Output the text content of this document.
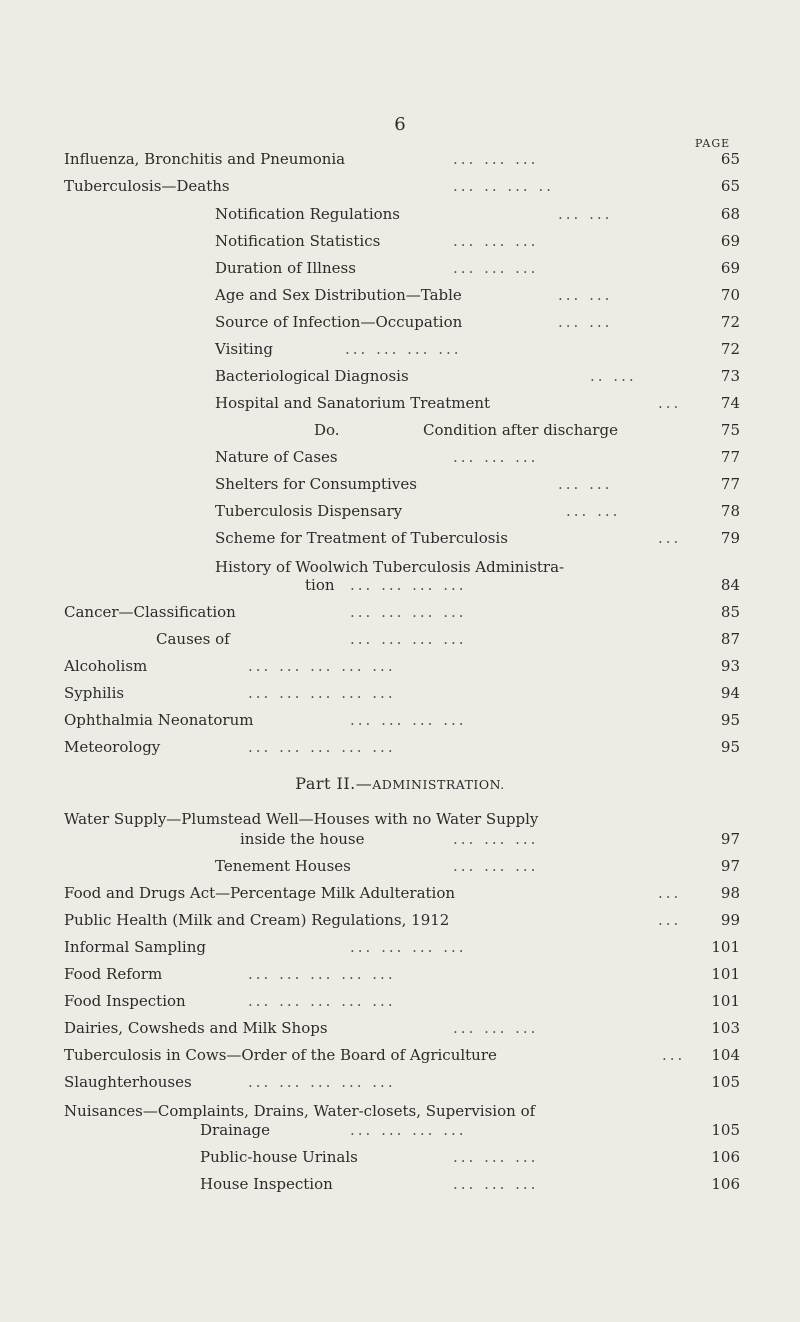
6
PAGE
Influenza, Bronchitis and Pneumonia	... ... ...	65
Tuberculosis—Deaths	... .. ... ..	65
Notification Regulations	... ...	68
Notification Statistics	... ... ...	69
Duration of Illness	... ... ...	69
Age and Sex Distribution—Table	... ...	70
Source of Infection—Occupation	... ...	72
Visiting	... ... ... ...	72
Bacteriological Diagnosis	.. ...	73
Hospital and Sanatorium Treatment	...	74
Do.	Condition after discharge	75
Nature of Cases	... ... ...	77
Shelters for Consumptives	... ...	77
Tuberculosis Dispensary	... ...	78
Scheme for Treatment of Tuberculosis	...	79
History of Woolwich Tuberculosis Administra-
tion ... ... ... ...	84
Cancer—Classification	... ... ... ...	85
Causes of	... ... ... ...	87
Alcoholism	... ... ... ... ...	93
Syphilis	... ... ... ... ...	94
Ophthalmia Neonatorum	... ... ... ...	95
Meteorology	... ... ... ... ...	95
Part II.—ADMINISTRATION.
Water Supply—Plumstead Well—Houses with no Water Supply
inside the house	... ... ...	97
Tenement Houses	... ... ...	97
Food and Drugs Act—Percentage Milk Adulteration	...	98
Public Health (Milk and Cream) Regulations, 1912	...	99
Informal Sampling	... ... ... ...	101
Food Reform	... ... ... ... ...	101
Food Inspection	... ... ... ... ...	101
Dairies, Cowsheds and Milk Shops	... ... ...	103
Tuberculosis in Cows—Order of the Board of Agriculture	...	104
Slaughterhouses	... ... ... ... ...	105
Nuisances—Complaints, Drains, Water-closets, Supervision of
Drainage	... ... ... ...	105
Public-house Urinals	... ... ...	106
House Inspection	... ... ...	106
